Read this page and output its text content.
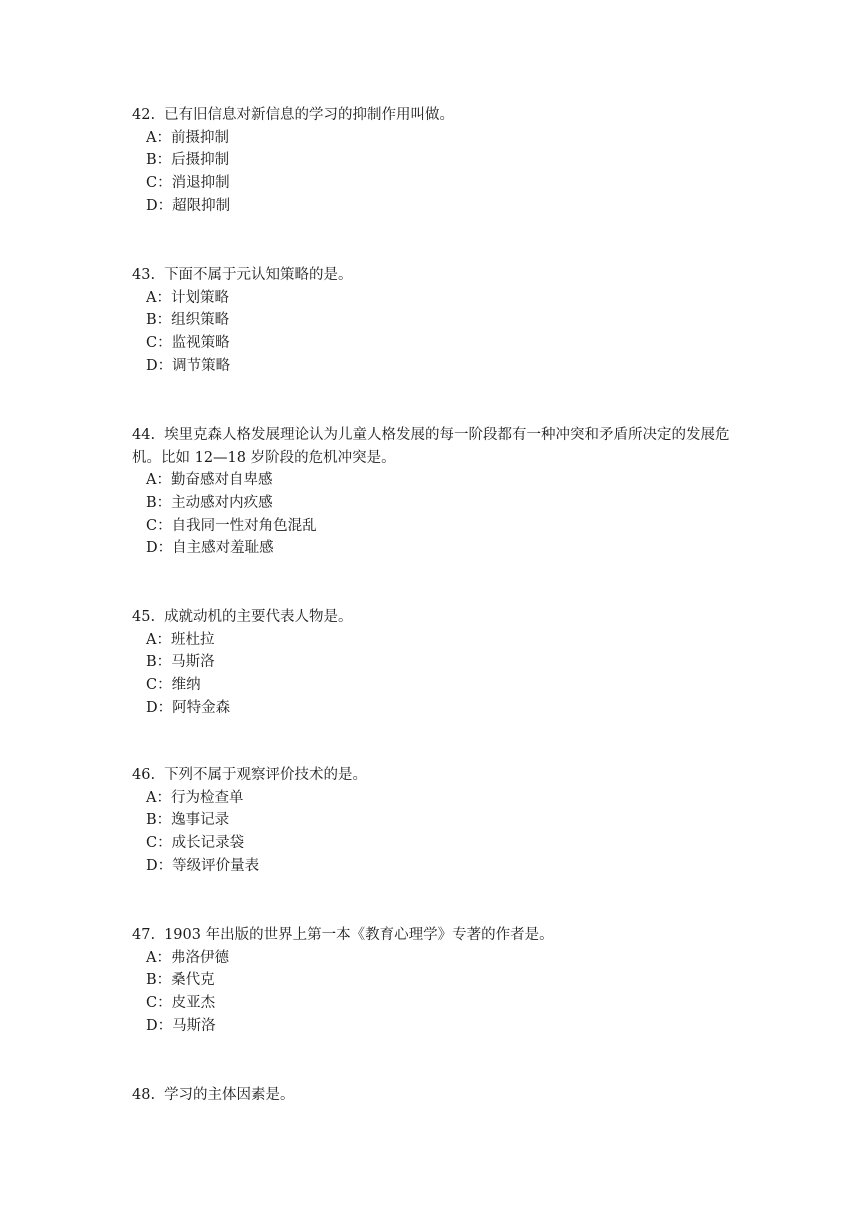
42. 已有旧信息对新信息的学习的抑制作用叫做。

A：前摄抑制
B：后摄抑制
C：消退抑制
D：超限抑制

43. 下面不属于元认知策略的是。

A：计划策略
B：组织策略
C：监视策略
D：调节策略

44. 埃里克森人格发展理论认为儿童人格发展的每一阶段都有一种冲突和矛盾所决定的发展危机。比如 12—18 岁阶段的危机冲突是。

A：勤奋感对自卑感
B：主动感对内疚感
C：自我同一性对角色混乱
D：自主感对羞耻感

45. 成就动机的主要代表人物是。

A：班杜拉
B：马斯洛
C：维纳
D：阿特金森

46. 下列不属于观察评价技术的是。

A：行为检查单
B：逸事记录
C：成长记录袋
D：等级评价量表

47. 1903 年出版的世界上第一本《教育心理学》专著的作者是。

A：弗洛伊德
B：桑代克
C：皮亚杰
D：马斯洛

48. 学习的主体因素是。
